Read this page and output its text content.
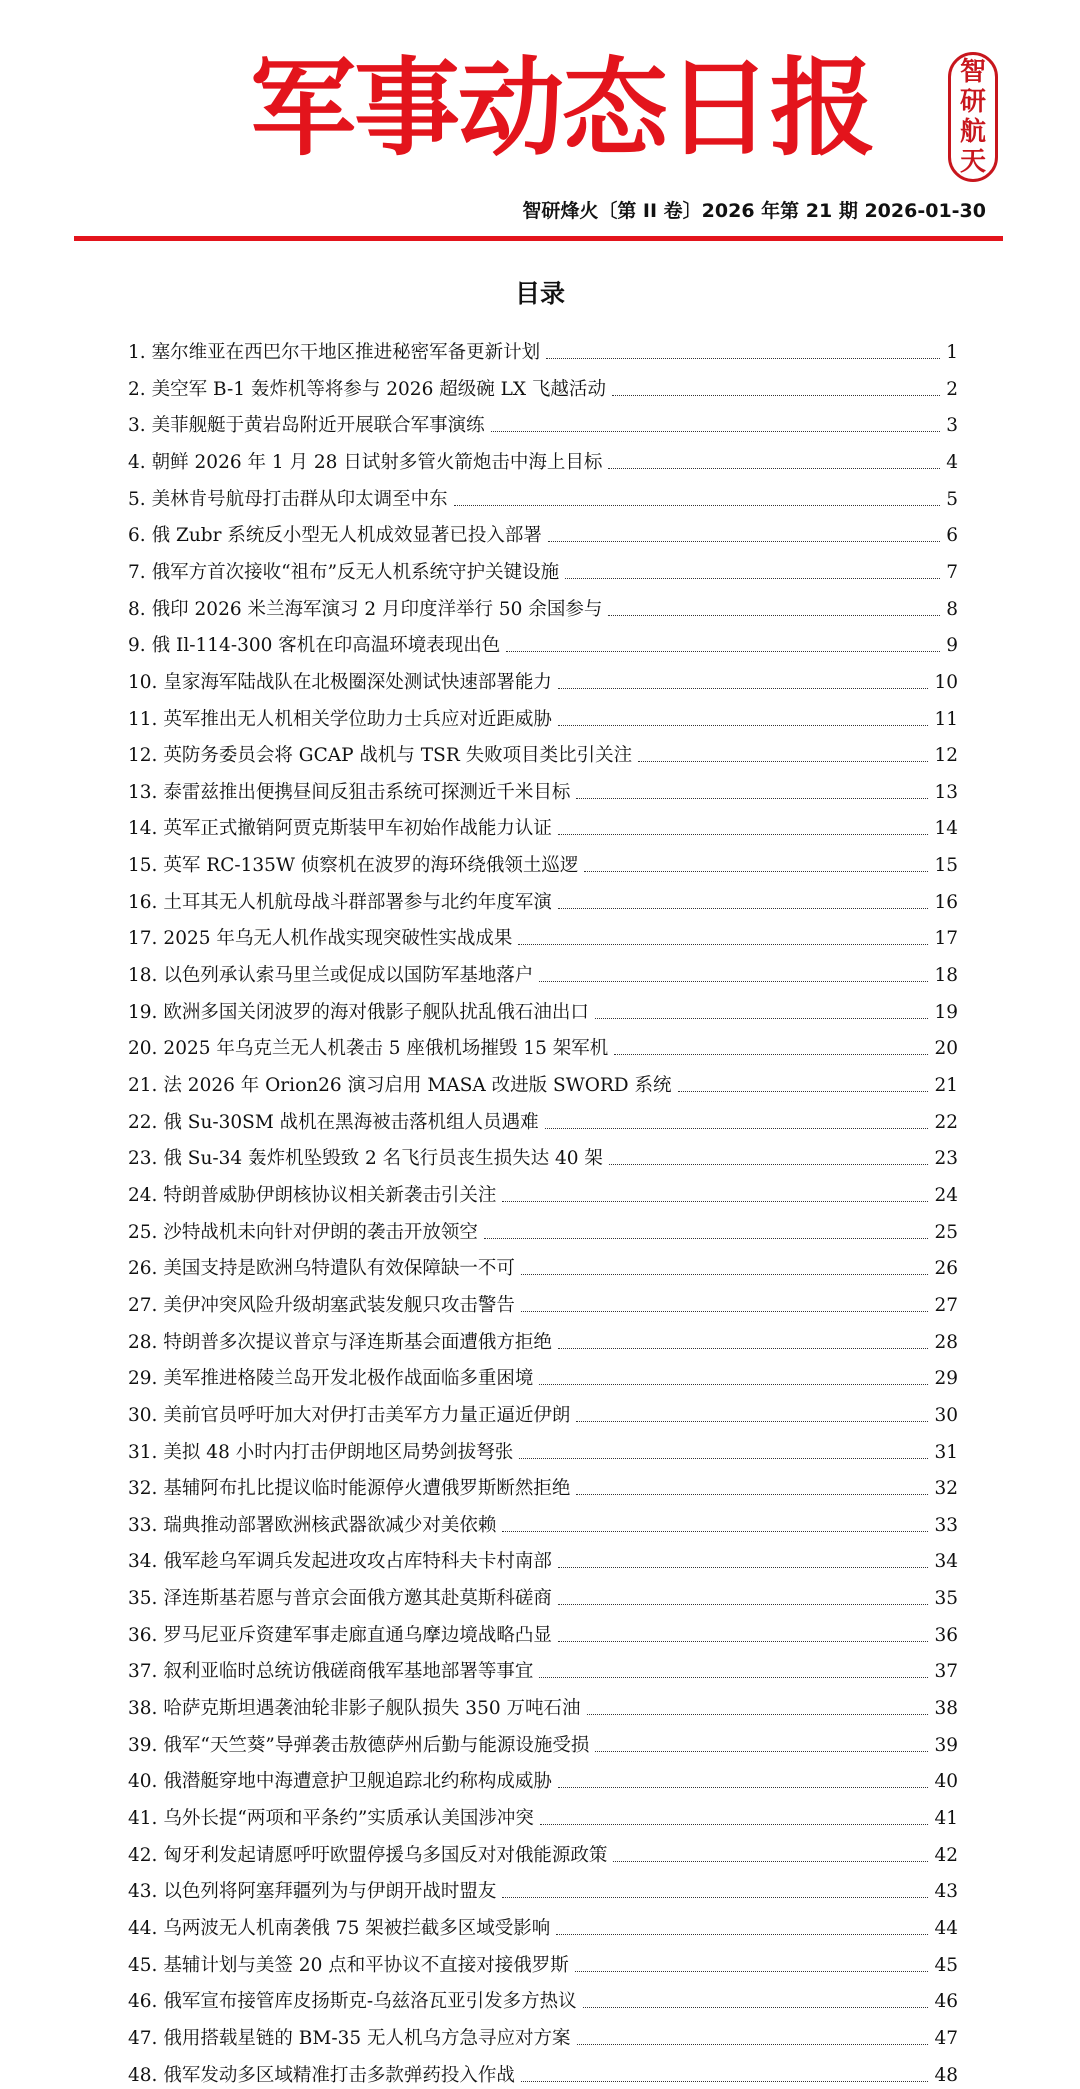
军事动态日报	智
研
航
天
智研烽火〔第 II 卷〕2026 年第 21 期 2026-01-30
目录
1. 塞尔维亚在西巴尔干地区推进秘密军备更新计划	1
2. 美空军 B-1 轰炸机等将参与 2026 超级碗 LX 飞越活动	2
3. 美菲舰艇于黄岩岛附近开展联合军事演练	3
4. 朝鲜 2026 年 1 月 28 日试射多管火箭炮击中海上目标	4
5. 美林肯号航母打击群从印太调至中东	5
6. 俄 Zubr 系统反小型无人机成效显著已投入部署	6
7. 俄军方首次接收“祖布”反无人机系统守护关键设施	7
8. 俄印 2026 米兰海军演习 2 月印度洋举行 50 余国参与	8
9. 俄 Il-114-300 客机在印高温环境表现出色	9
10. 皇家海军陆战队在北极圈深处测试快速部署能力	10
11. 英军推出无人机相关学位助力士兵应对近距威胁	11
12. 英防务委员会将 GCAP 战机与 TSR 失败项目类比引关注	12
13. 泰雷兹推出便携昼间反狙击系统可探测近千米目标	13
14. 英军正式撤销阿贾克斯装甲车初始作战能力认证	14
15. 英军 RC-135W 侦察机在波罗的海环绕俄领土巡逻	15
16. 土耳其无人机航母战斗群部署参与北约年度军演	16
17. 2025 年乌无人机作战实现突破性实战成果	17
18. 以色列承认索马里兰或促成以国防军基地落户	18
19. 欧洲多国关闭波罗的海对俄影子舰队扰乱俄石油出口	19
20. 2025 年乌克兰无人机袭击 5 座俄机场摧毁 15 架军机	20
21. 法 2026 年 Orion26 演习启用 MASA 改进版 SWORD 系统	21
22. 俄 Su-30SM 战机在黑海被击落机组人员遇难	22
23. 俄 Su-34 轰炸机坠毁致 2 名飞行员丧生损失达 40 架	23
24. 特朗普威胁伊朗核协议相关新袭击引关注	24
25. 沙特战机未向针对伊朗的袭击开放领空	25
26. 美国支持是欧洲乌特遣队有效保障缺一不可	26
27. 美伊冲突风险升级胡塞武装发舰只攻击警告	27
28. 特朗普多次提议普京与泽连斯基会面遭俄方拒绝	28
29. 美军推进格陵兰岛开发北极作战面临多重困境	29
30. 美前官员呼吁加大对伊打击美军方力量正逼近伊朗	30
31. 美拟 48 小时内打击伊朗地区局势剑拔弩张	31
32. 基辅阿布扎比提议临时能源停火遭俄罗斯断然拒绝	32
33. 瑞典推动部署欧洲核武器欲减少对美依赖	33
34. 俄军趁乌军调兵发起进攻攻占库特科夫卡村南部	34
35. 泽连斯基若愿与普京会面俄方邀其赴莫斯科磋商	35
36. 罗马尼亚斥资建军事走廊直通乌摩边境战略凸显	36
37. 叙利亚临时总统访俄磋商俄军基地部署等事宜	37
38. 哈萨克斯坦遇袭油轮非影子舰队损失 350 万吨石油	38
39. 俄军“天竺葵”导弹袭击敖德萨州后勤与能源设施受损	39
40. 俄潜艇穿地中海遭意护卫舰追踪北约称构成威胁	40
41. 乌外长提“两项和平条约”实质承认美国涉冲突	41
42. 匈牙利发起请愿呼吁欧盟停援乌多国反对对俄能源政策	42
43. 以色列将阿塞拜疆列为与伊朗开战时盟友	43
44. 乌两波无人机南袭俄 75 架被拦截多区域受影响	44
45. 基辅计划与美签 20 点和平协议不直接对接俄罗斯	45
46. 俄军宣布接管库皮扬斯克-乌兹洛瓦亚引发多方热议	46
47. 俄用搭载星链的 BM-35 无人机乌方急寻应对方案	47
48. 俄军发动多区域精准打击多款弹药投入作战	48
